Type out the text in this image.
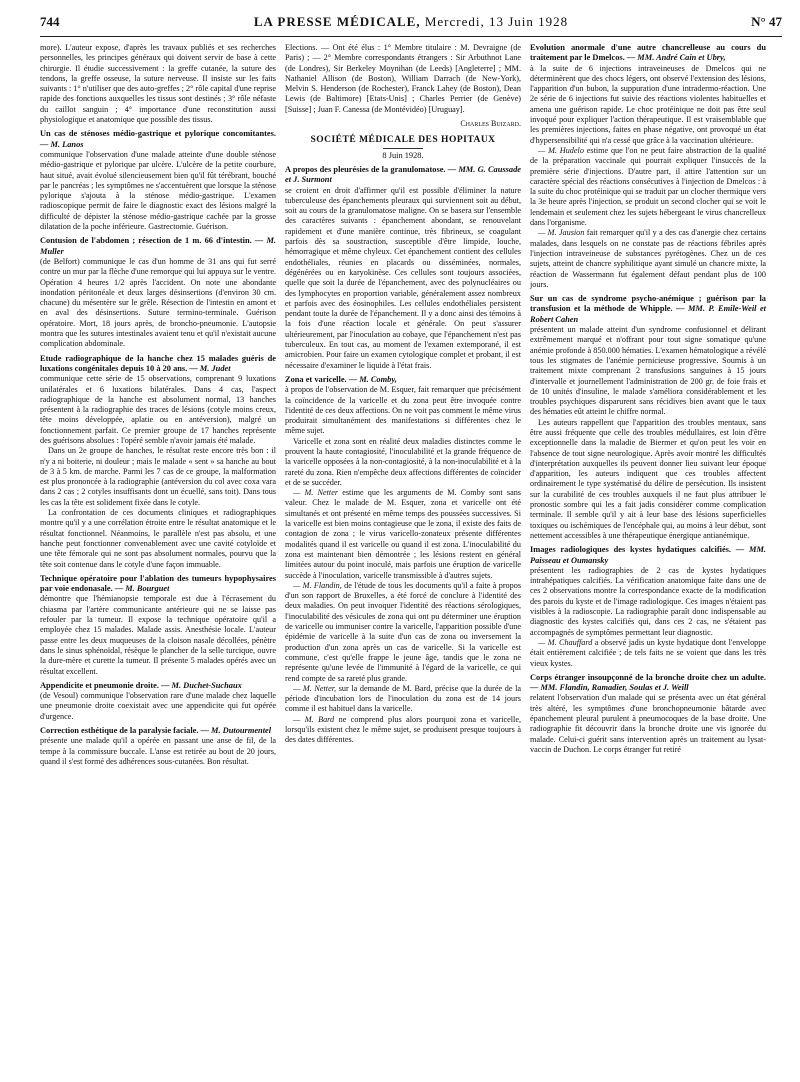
744	LA PRESSE MÉDICALE, Mercredi, 13 Juin 1928	N° 47

more). L'auteur expose, d'après les travaux publiés et ses recherches personnelles, les principes généraux qui doivent servir de base à cette chirurgie. Il étudie successivement : la greffe cutanée, la suture des tendons, la greffe osseuse, la suture nerveuse. Il insiste sur les faits suivants : 1° n'utiliser que des auto-greffes ; 2° rôle capital d'une reprise rapide des fonctions auxquelles les tissus sont destinés ; 3° rôle néfaste du caillot sanguin ; 4° importance d'une reconstitution aussi physiologique et anatomique que possible des tissus.

Un cas de sténoses médio-gastrique et pylorique concomitantes. — M. Lanos

communique l'observation d'une malade atteinte d'une double sténose médio-gastrique et pylorique par ulcère. L'ulcère de la petite courbure, haut situé, avait évolué silencieusement bien qu'il fût térébrant, bouché par le pancréas ; les symptômes ne s'accentuèrent que lorsque la sténose pylorique s'ajouta à la sténose médio-gastrique. L'examen radioscopique permit de faire le diagnostic exact des lésions malgré la difficulté de dépister la sténose médio-gastrique cachée par la grosse dilatation de la poche inférieure. Gastrectomie. Guérison.

Contusion de l'abdomen ; résection de 1 m. 66 d'intestin. — M. Muller

(de Belfort) communique le cas d'un homme de 31 ans qui fut serré contre un mur par la flèche d'une remorque qui lui appuya sur le ventre. Opération 4 heures 1/2 après l'accident. On note une abondante inondation péritonéale et deux larges désinsertions (d'environ 30 cm. chacune) du mésentère sur le grêle. Résection de l'intestin en amont et en aval des désinsertions. Suture termino-terminale. Guérison opératoire. Mort, 18 jours après, de broncho-pneumonie. L'autopsie montra que les sutures intestinales avaient tenu et qu'il n'existait aucune complication abdominale.

Etude radiographique de la hanche chez 15 malades guéris de luxations congénitales depuis 10 à 20 ans. — M. Judet

communique cette série de 15 observations, comprenant 9 luxations unilatérales et 6 luxations bilatérales. Dans 4 cas, l'aspect radiographique de la hanche est absolument normal, 13 hanches présentent à la radiographie des traces de lésions (cotyle moins creux, tête moins développée, aplatie ou en antéversion), malgré un fonctionnement parfait. Ce premier groupe de 17 hanches représente des guérisons absolues : l'opéré semble n'avoir jamais été malade.

Dans un 2e groupe de hanches, le résultat reste encore très bon : il n'y a ni boiterie, ni douleur ; mais le malade « sent » sa hanche au bout de 3 à 5 km. de marche. Parmi les 7 cas de ce groupe, la malformation est plus prononcée à la radiographie (antéversion du col avec coxa vara dans 2 cas ; 2 cotyles insuffisants dont un écuellé, sans toit). Dans tous les cas la tête est solidement fixée dans le cotyle.

La confrontation de ces documents cliniques et radiographiques montre qu'il y a une corrélation étroite entre le résultat anatomique et le résultat fonctionnel. Néanmoins, le parallèle n'est pas absolu, et une hanche peut fonctionner convenablement avec une cavité cotyloïde et une tête fémorale qui ne sont pas absolument normales, pourvu que la tête soit contenue dans le cotyle d'une façon immuable.

Technique opératoire pour l'ablation des tumeurs hypophysaires par voie endonasale. — M. Bourguet

démontre que l'hémianopsie temporale est due à l'écrasement du chiasma par l'artère communicante antérieure qui ne se laisse pas refouler par la tumeur. Il expose la technique opératoire qu'il a employée chez 15 malades. Malade assis. Anesthésie locale. L'auteur passe entre les deux muqueuses de la cloison nasale décollées, pénètre dans le sinus sphénoïdal, résèque le plancher de la selle turcique, ouvre la dure-mère et curette la tumeur. Il présente 5 malades opérés avec un résultat excellent.

Appendicite et pneumonie droite. — M. Duchet-Suchaux

(de Vesoul) communique l'observation rare d'une malade chez laquelle une pneumonie droite coexistait avec une appendicite qui fut opérée d'urgence.

Correction esthétique de la paralysie faciale. — M. Dutourmentel

présente une malade qu'il a opérée en passant une anse de fil, de la tempe à la commissure buccale. L'anse est retirée au bout de 20 jours, quand il s'est formé des adhérences sous-cutanées. Bon résultat.

Elections. — Ont été élus : 1° Membre titulaire : M. Devraigne (de Paris) ; — 2° Membre correspondants étrangers : Sir Arbuthnot Lane (de Londres), Sir Berkeley Moynihan (de Leeds) [Angleterre] ; MM. Nathaniel Allison (de Boston), William Darrach (de New-York), Melvin S. Henderson (de Rochester), Franck Lahey (de Boston), Dean Lewis (de Baltimore) [Etats-Unis] ; Charles Perrier (de Genève) [Suisse] ; Juan F. Canessa (de Montévidéo) [Uruguay].

Charles Buizard.
SOCIÉTÉ MÉDICALE DES HOPITAUX
8 Juin 1928.
A propos des pleurésies de la granulomatose. — MM. G. Caussade et J. Surmont

se croient en droit d'affirmer qu'il est possible d'éliminer la nature tuberculeuse des épanchements pleuraux qui surviennent soit au début, soit au cours de la granulomatose maligne. On se basera sur l'ensemble des caractères suivants : épanchement abondant, se renouvelant rapidement et d'une manière continue, très fibrineux, se coagulant parfois dès sa soustraction, susceptible d'être limpide, louche, hémorragique et même chyleux. Cet épanchement contient des cellules endothéliales, réunies en placards ou disséminées, normales, dégénérées ou en karyokinèse. Ces cellules sont toujours associées, quelle que soit la durée de l'épanchement, avec des polynucléaires ou des lymphocytes en proportion variable, généralement assez nombreux et parfois avec des éosinophiles. Les cellules endothéliales persistent pendant toute la durée de l'épanchement. Il y a donc ainsi des témoins à la fois d'une réaction locale et générale. On peut s'assurer ultérieurement, par l'inoculation au cobaye, que l'épanchement n'est pas tuberculeux. En tout cas, au moment de l'examen extemporané, il est amicrobien. Pour faire un examen cytologique complet et probant, il est nécessaire d'examiner le liquide à l'état frais.

Zona et varicelle. — M. Comby,

à propos de l'observation de M. Esquer, fait remarquer que précisément la coïncidence de la varicelle et du zona peut être invoquée contre l'identité de ces deux affections. On ne voit pas comment le même virus produirait simultanément des manifestations si différentes chez le même sujet.

Varicelle et zona sont en réalité deux maladies distinctes comme le prouvent la haute contagiosité, l'inoculabilité et la grande fréquence de la varicelle opposées à la non-contagiosité, à la non-inoculabilité et à la rareté du zona. Rien n'empêche deux affections différentes de coïncider et de se succéder.

— M. Netter estime que les arguments de M. Comby sont sans valeur. Chez le malade de M. Esquer, zona et varicelle ont été simultanés et ont présenté en même temps des poussées successives. Si la varicelle est bien moins contagieuse que le zona, il existe des faits de contagion de zona ; le virus varicello-zonateux présente différentes modalités quand il est varicelle ou quand il est zona. L'inoculabilité du zona est maintenant bien démontrée ; les lésions restent en général limitées autour du point inoculé, mais parfois une éruption de varicelle succède à l'inoculation, varicelle transmissible à d'autres sujets.

— M. Flandin, de l'étude de tous les documents qu'il a faite à propos d'un son rapport de Bruxelles, a été forcé de conclure à l'identité des deux maladies. On peut invoquer l'identité des réactions sérologiques, l'inoculabilité des vésicules de zona qui ont pu déterminer une éruption de varicelle ou immuniser contre la varicelle, l'apparition possible d'une épidémie de varicelle à la suite d'un cas de zona ou inversement la production d'un zona après un cas de varicelle. Si la varicelle est commune, c'est qu'elle frappe le jeune âge, tandis que le zona ne représente qu'une levée de l'immunité à l'égard de la varicelle, ce qui rend compte de sa rareté plus grande.

— M. Netter, sur la demande de M. Bard, précise que la durée de la période d'incubation lors de l'inoculation du zona est de 14 jours comme il est habituel dans la varicelle.

— M. Bard ne comprend plus alors pourquoi zona et varicelle, lorsqu'ils existent chez le même sujet, se produisent presque toujours à des dates différentes.

Evolution anormale d'une autre chancrelleuse au cours du traitement par le Dmelcos. — MM. André Cain et Ubry,

à la suite de 6 injections intraveineuses de Dmelcos qui ne déterminèrent que des chocs légers, ont observé l'extension des lésions, l'apparition d'un bubon, la suppuration d'une intradermo-réaction. Une 2e série de 6 injections fut suivie des réactions violentes habituelles et amena une guérison rapide. Le choc protéinique ne doit pas être seul invoqué pour expliquer l'action thérapeutique. Il est vraisemblable que les premières injections, faites en phase négative, ont provoqué un état d'hypersensibilité qui n'a cessé que grâce à la vaccination ultérieure.

— M. Hudelo estime que l'on ne peut faire abstraction de la qualité de la préparation vaccinale qui pourrait expliquer l'insuccès de la première série d'injections. D'autre part, il attire l'attention sur un caractère spécial des réactions consécutives à l'injection de Dmelcos : à la suite du choc protéinique qui se traduit par un clocher thermique vers la 3e heure après l'injection, se produit un second clocher qui se voit le lendemain et seulement chez les sujets hébergeant le virus chancrelleux dans l'organisme.

— M. Jausion fait remarquer qu'il y a des cas d'anergie chez certains malades, dans lesquels on ne constate pas de réactions fébriles après l'injection intraveineuse de substances pyrétogènes. Chez un de ces sujets, atteint de chancre syphilitique ayant simulé un chancre mixte, la réaction de Wassermann fut également défaut pendant plus de 100 jours.

Sur un cas de syndrome psycho-anémique ; guérison par la transfusion et la méthode de Whipple. — MM. P. Emile-Weil et Robert Cahen

présentent un malade atteint d'un syndrome confusionnel et délirant extrêmement marqué et n'offrant pour tout signe somatique qu'une anémie profonde à 850.000 hématies. L'examen hématologique a révélé tous les stigmates de l'anémie pernicieuse progressive. Soumis à un traitement mixte comprenant 2 transfusions sanguines à 15 jours d'intervalle et journellement l'administration de 200 gr. de foie frais et de 10 unités d'insuline, le malade s'améliora considérablement et les troubles psychiques disparurent sans récidives bien avant que le taux des hématies eût atteint le chiffre normal.

Les auteurs rappellent que l'apparition des troubles mentaux, sans être aussi fréquente que celle des troubles médullaires, est loin d'être exceptionnelle dans la maladie de Biermer et qu'on peut les voir en l'absence de tout signe neurologique. Après avoir montré les difficultés d'interprétation auxquelles ils peuvent donner lieu suivant leur époque d'apparition, les auteurs indiquent que ces troubles affectent ordinairement le type systématisé du délire de persécution. Ils insistent sur la curabilité de ces troubles auxquels il ne faut plus attribuer le pronostic sombre qui les a fait jadis considérer comme complication terminale. Il semble qu'il y ait à leur base des lésions superficielles toxiques ou ischémiques de l'encéphale qui, au moins à leur début, sont nettement accessibles à une thérapeutique énergique antianémique.

Images radiologiques des kystes hydatiques calcifiés. — MM. Paisseau et Oumansky

présentent les radiographies de 2 cas de kystes hydatiques intrahépatiques calcifiés. La vérification anatomique faite dans une de ces 2 observations montre la correspondance exacte de la modification des parois du kyste et de l'image radiologique. Ces images n'étaient pas visibles à la radioscopie. La radiographie paraît donc indispensable au diagnostic des kystes calcifiés qui, dans ces 2 cas, ne s'étaient pas accompagnés de symptômes permettant leur diagnostic.

— M. Chauffard a observé jadis un kyste hydatique dont l'enveloppe était entièrement calcifiée ; de tels faits ne se voient que dans les très vieux kystes.

Corps étranger insoupçonné de la bronche droite chez un adulte. — MM. Flandin, Ramadier, Soulas et J. Weill

relatent l'observation d'un malade qui se présenta avec un état général très altéré, les symptômes d'une bronchopneumonie bâtarde avec épanchement pleural purulent à pneumocoques de la base droite. Une radiographie fit découvrir dans la bronche droite une vis ignorée du malade. Celui-ci guérit sans intervention après un traitement au lysat-vaccin de Duchon. Le corps étranger fut retiré
